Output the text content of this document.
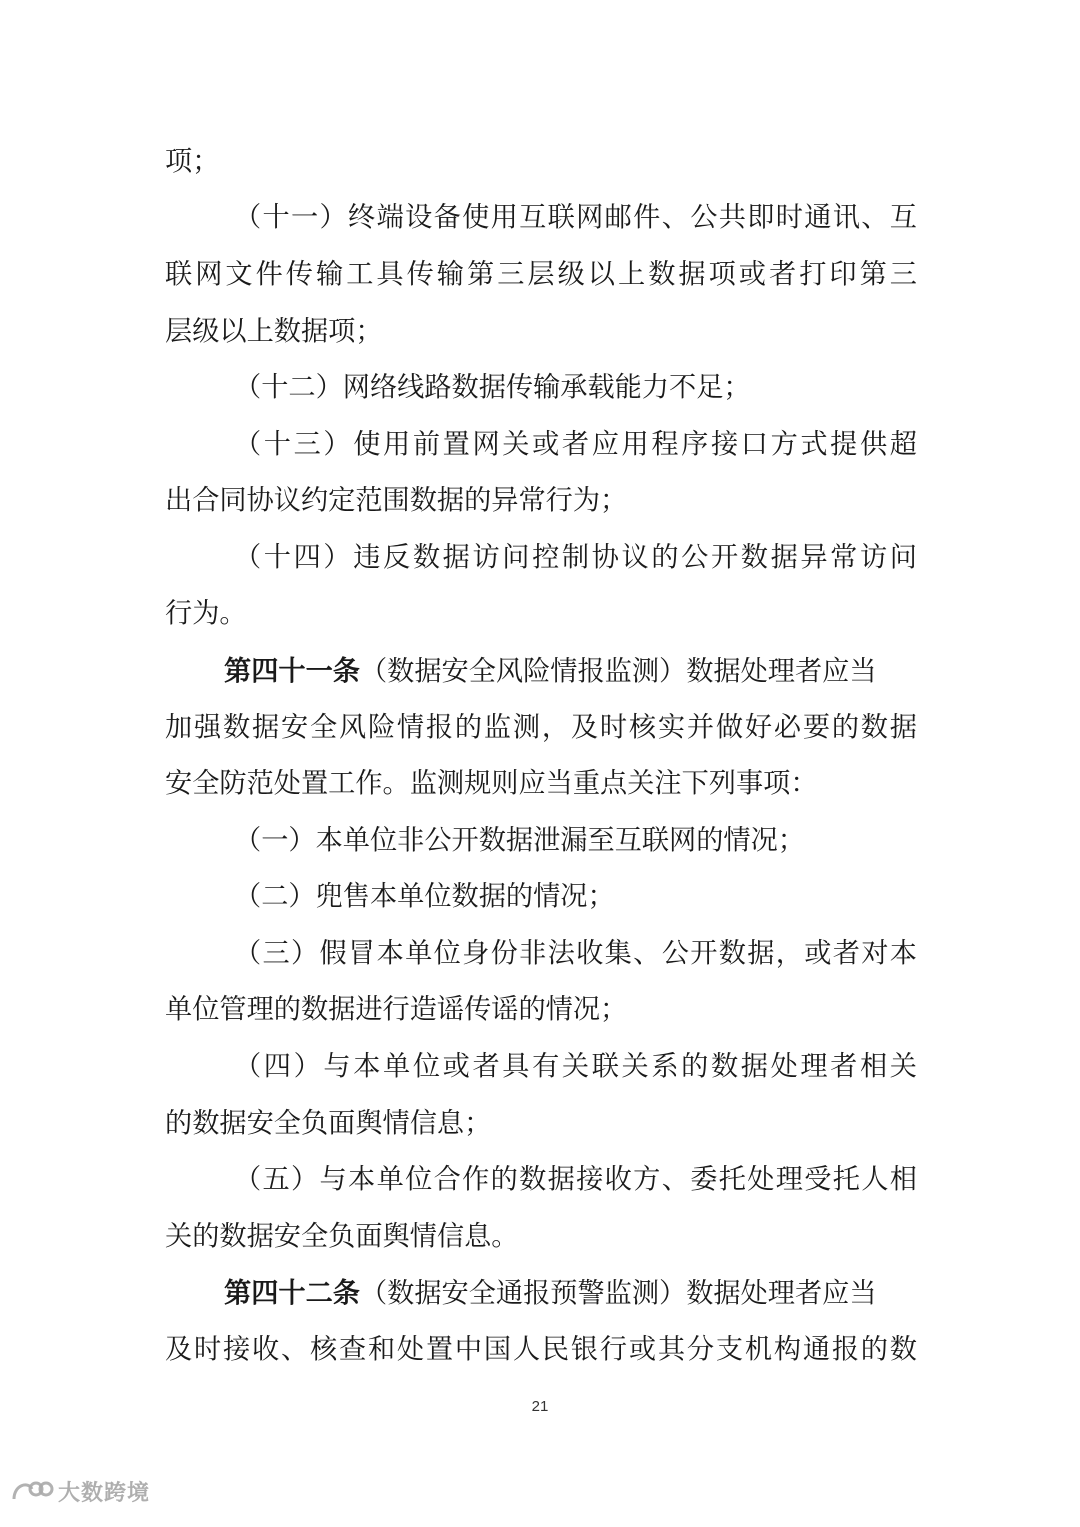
项；
（十一）终端设备使用互联网邮件、公共即时通讯、互
联网文件传输工具传输第三层级以上数据项或者打印第三
层级以上数据项；
（十二）网络线路数据传输承载能力不足；
（十三）使用前置网关或者应用程序接口方式提供超
出合同协议约定范围数据的异常行为；
（十四）违反数据访问控制协议的公开数据异常访问
行为。
第四十一条（数据安全风险情报监测）数据处理者应当
加强数据安全风险情报的监测，及时核实并做好必要的数据
安全防范处置工作。监测规则应当重点关注下列事项：
（一）本单位非公开数据泄漏至互联网的情况；
（二）兜售本单位数据的情况；
（三）假冒本单位身份非法收集、公开数据，或者对本
单位管理的数据进行造谣传谣的情况；
（四）与本单位或者具有关联关系的数据处理者相关
的数据安全负面舆情信息；
（五）与本单位合作的数据接收方、委托处理受托人相
关的数据安全负面舆情信息。
第四十二条（数据安全通报预警监测）数据处理者应当
及时接收、核查和处置中国人民银行或其分支机构通报的数
21
大数跨境
